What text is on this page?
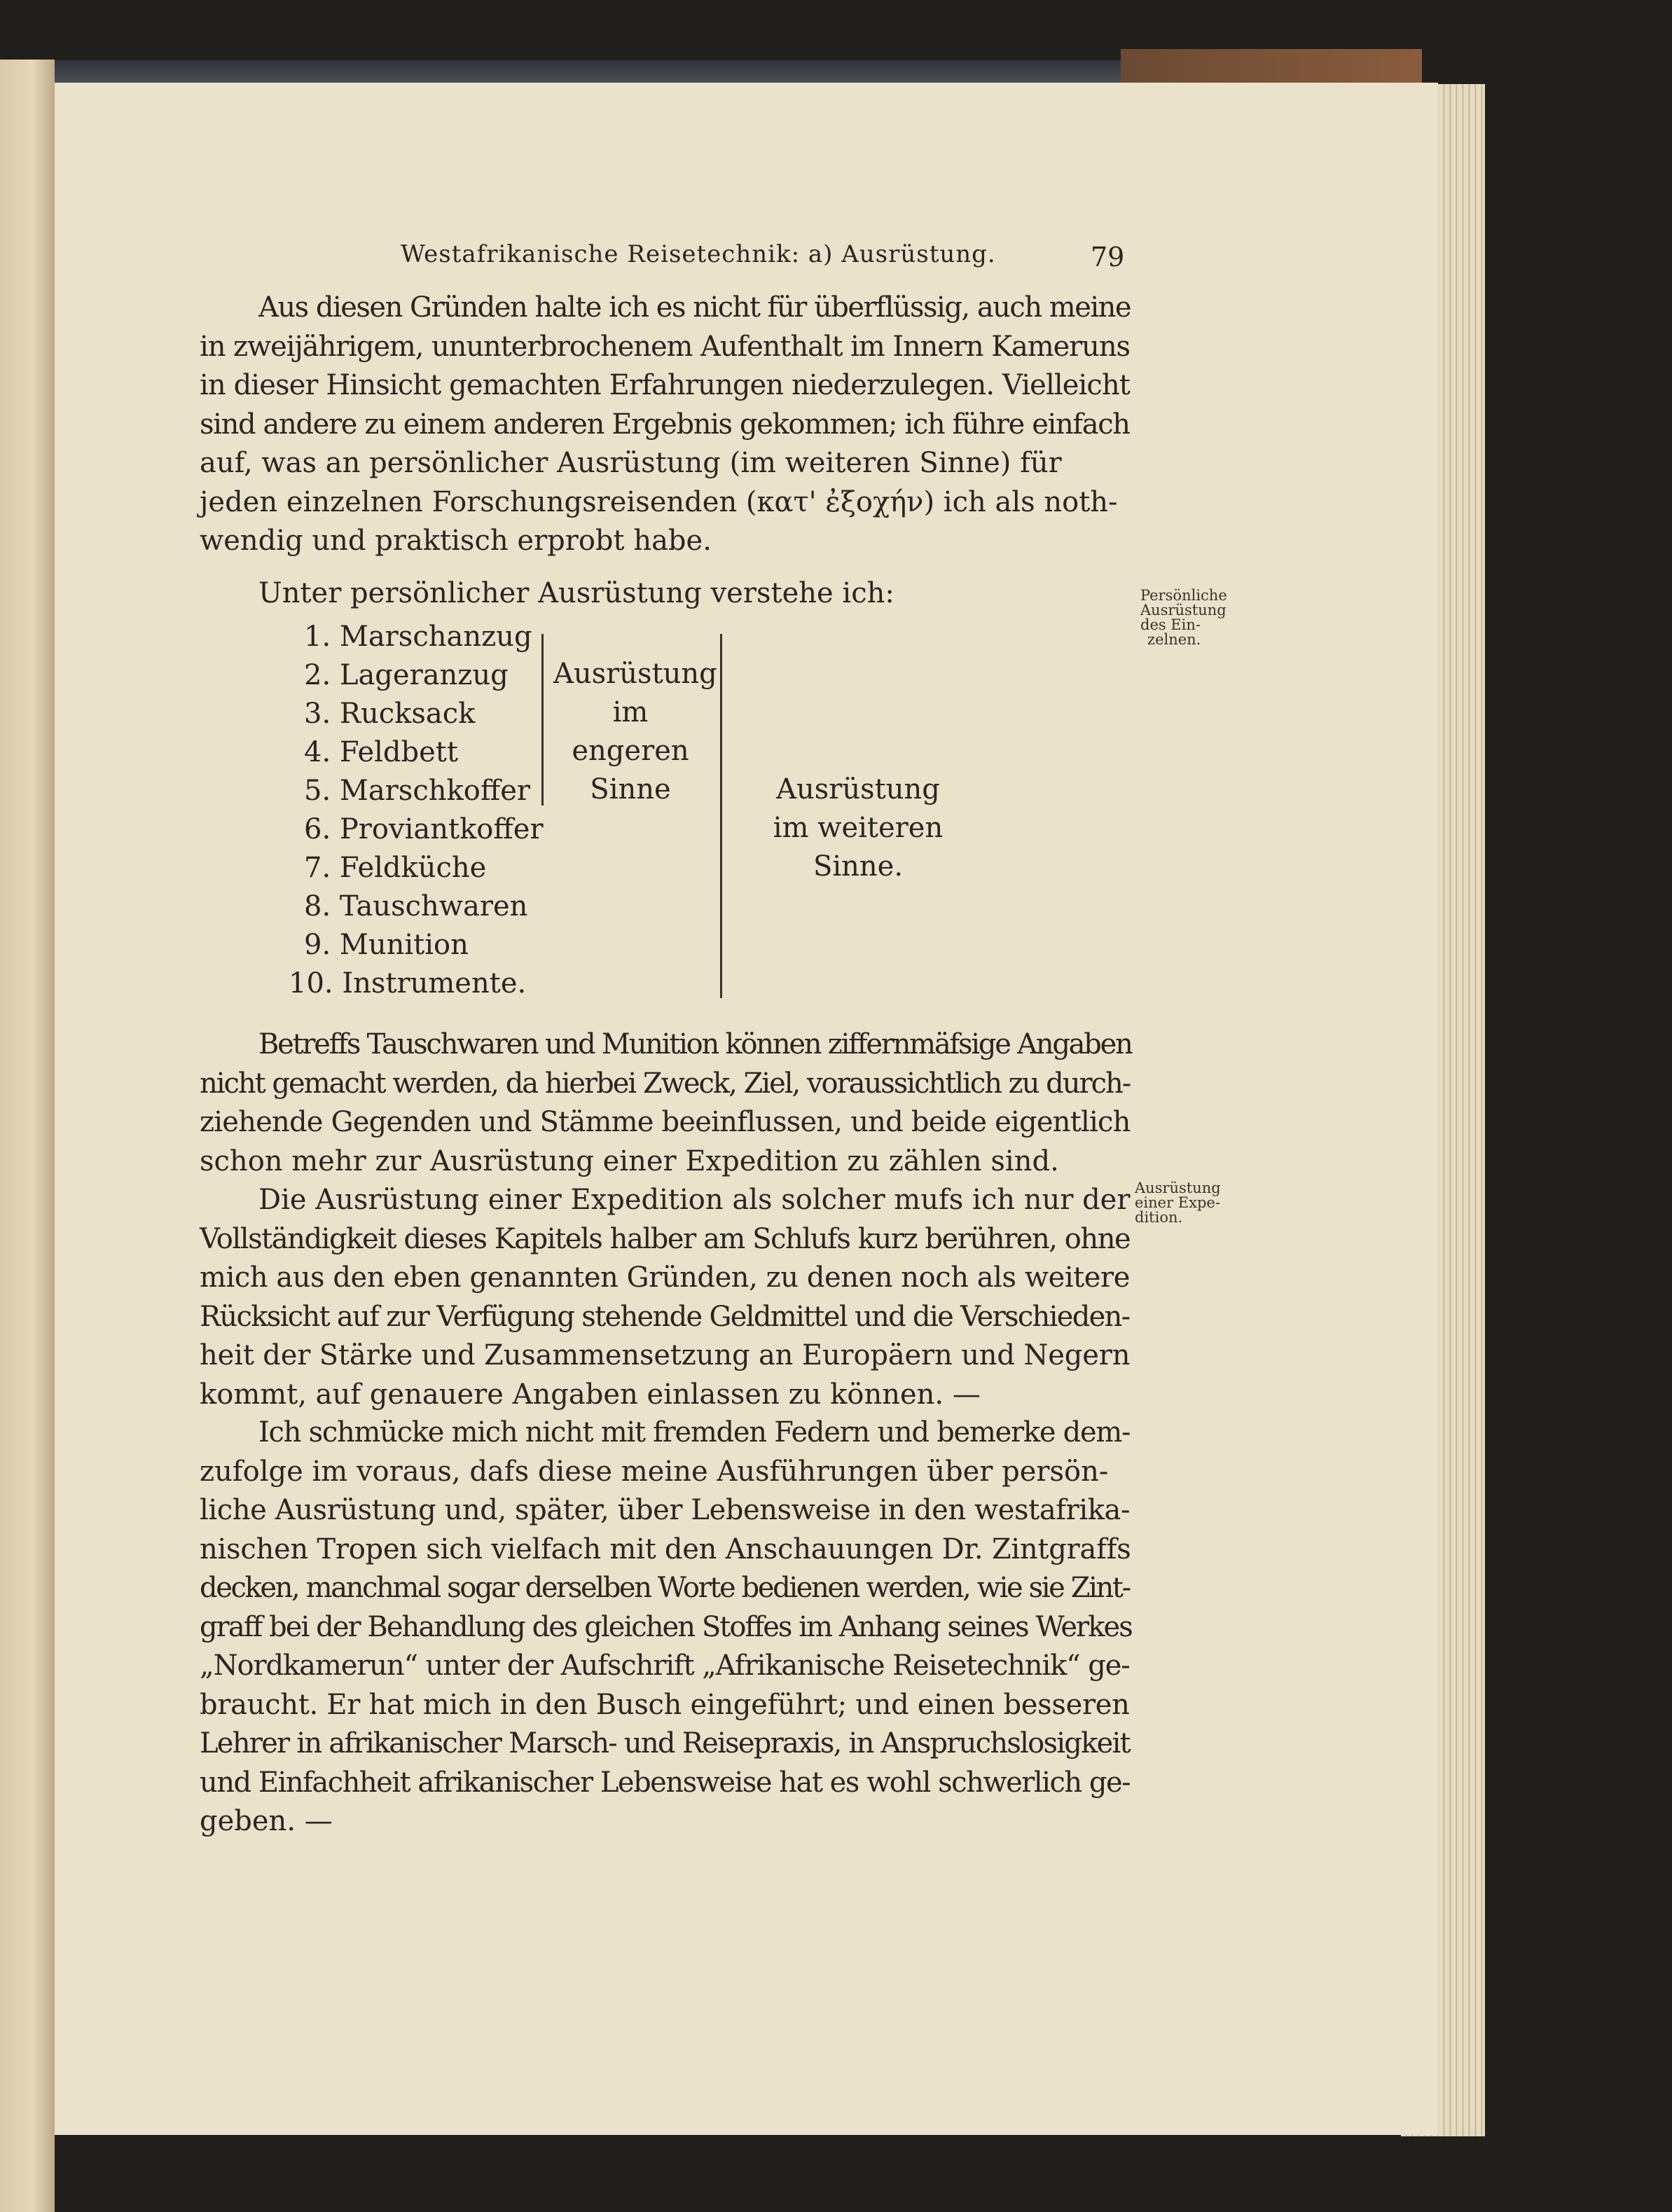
Westafrikanische Reisetechnik: a) Ausrüstung.	79
Aus diesen Gründen halte ich es nicht für überflüssig, auch meine
in zweijährigem, ununterbrochenem Aufenthalt im Innern Kameruns
in dieser Hinsicht gemachten Erfahrungen niederzulegen. Vielleicht
sind andere zu einem anderen Ergebnis gekommen; ich führe einfach
auf, was an persönlicher Ausrüstung (im weiteren Sinne) für
jeden einzelnen Forschungsreisenden (κατ' ἐξοχήν) ich als noth-
wendig und praktisch erprobt habe.
Unter persönlicher Ausrüstung verstehe ich:
1. Marschanzug
2. Lageranzug
3. Rucksack
4. Feldbett
5. Marschkoffer
6. Proviantkoffer
7. Feldküche
8. Tauschwaren
9. Munition
10. Instrumente.
Ausrüstung
im engeren
Sinne	Ausrüstung
im weiteren Sinne.
Persönliche
Ausrüstung
des Ein-
zelnen.
Betreffs Tauschwaren und Munition können ziffernmäfsige Angaben
nicht gemacht werden, da hierbei Zweck, Ziel, voraussichtlich zu durch-
ziehende Gegenden und Stämme beeinflussen, und beide eigentlich
schon mehr zur Ausrüstung einer Expedition zu zählen sind.
Die Ausrüstung einer Expedition als solcher mufs ich nur der
Vollständigkeit dieses Kapitels halber am Schlufs kurz berühren, ohne
mich aus den eben genannten Gründen, zu denen noch als weitere
Rücksicht auf zur Verfügung stehende Geldmittel und die Verschieden-
heit der Stärke und Zusammensetzung an Europäern und Negern
kommt, auf genauere Angaben einlassen zu können. —
Ausrüstung
einer Expe-
dition.
Ich schmücke mich nicht mit fremden Federn und bemerke dem-
zufolge im voraus, dafs diese meine Ausführungen über persön-
liche Ausrüstung und, später, über Lebensweise in den westafrika-
nischen Tropen sich vielfach mit den Anschauungen Dr. Zintgraffs
decken, manchmal sogar derselben Worte bedienen werden, wie sie Zint-
graff bei der Behandlung des gleichen Stoffes im Anhang seines Werkes
„Nordkamerun“ unter der Aufschrift „Afrikanische Reisetechnik“ ge-
braucht. Er hat mich in den Busch eingeführt; und einen besseren
Lehrer in afrikanischer Marsch- und Reisepraxis, in Anspruchslosigkeit
und Einfachheit afrikanischer Lebensweise hat es wohl schwerlich ge-
geben. —
